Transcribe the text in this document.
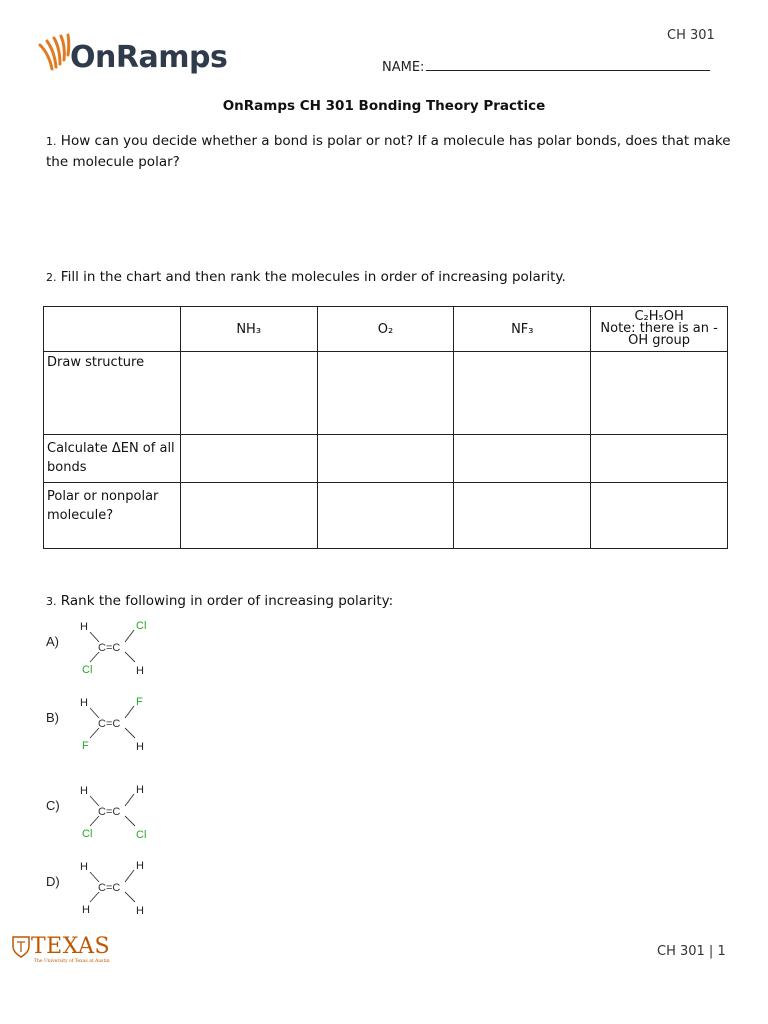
OnRamps
CH 301
NAME:
OnRamps CH 301 Bonding Theory Practice
1. How can you decide whether a bond is polar or not? If a molecule has polar bonds, does that make the molecule polar?
2. Fill in the chart and then rank the molecules in order of increasing polarity.
	NH₃	O₂	NF₃	C₂H₅OH
Note: there is an -
OH group

Draw structure				
Calculate ΔEN of all bonds				
Polar or nonpolar molecule?				
3. Rank the following in order of increasing polarity:
A)
H	Cl
Cl	H
C=C
B)
H	F
F	H
C=C
C)
H	H
Cl	Cl
C=C
D)
H	H
H	H
C=C
TEXAS
The University of Texas at Austin
CH 301 | 1
